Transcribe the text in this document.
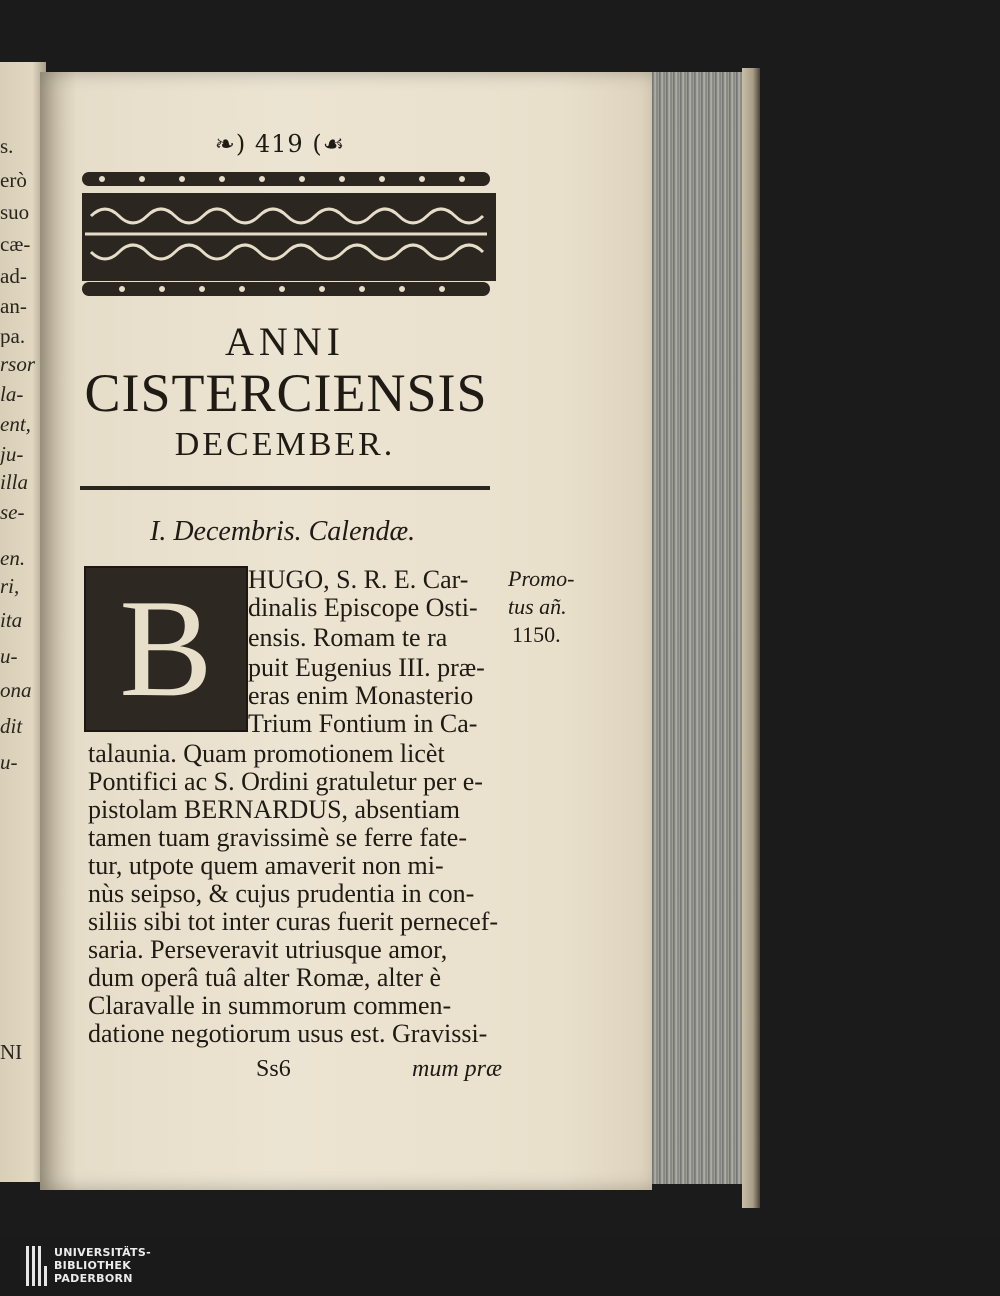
s.
erò
suo
cæ-
ad-
an-
pa.
rsor
la-
ent,
ju-
illa
se-
en.
ri,
ita
u-
ona
dit
u-
NI
❧) 419 (☙
ANNI
CISTERCIENSIS
DECEMBER.
I. Decembris. Calendæ.
B	HUGO, S. R. E. Car-
dinalis Episcope Osti-
ensis. Romam te ra
puit Eugenius III. præ-
eras enim Monasterio
Trium Fontium in Ca-
talaunia. Quam promotionem licèt
Pontifici ac S. Ordini gratuletur per e-
pistolam BERNARDUS, absentiam
tamen tuam gravissimè se ferre fate-
tur, utpote quem amaverit non mi-
nùs seipso, & cujus prudentia in con-
siliis sibi tot inter curas fuerit pernecef-
saria. Perseveravit utriusque amor,
dum operâ tuâ alter Romæ, alter è
Claravalle in summorum commen-
datione negotiorum usus est. Gravissi-
Promo-
tus añ.
1150.
Ss6	mum præ
UNIVERSITÄTS-
BIBLIOTHEK
PADERBORN
